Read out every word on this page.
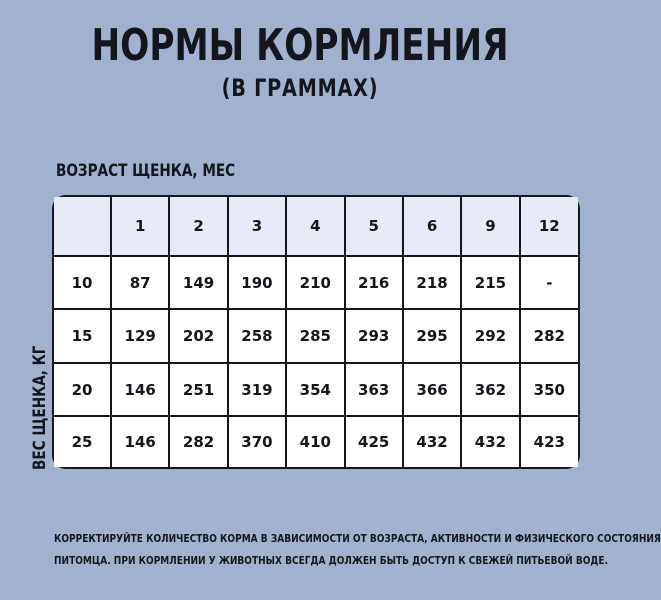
НОРМЫ КОРМЛЕНИЯ
(В ГРАММАХ)
ВОЗРАСТ ЩЕНКА, МЕС
ВЕС ЩЕНКА, КГ
	1	2	3	4	5	6	9	12
10	87	149	190	210	216	218	215	-
15	129	202	258	285	293	295	292	282
20	146	251	319	354	363	366	362	350
25	146	282	370	410	425	432	432	423
КОРРЕКТИРУЙТЕ КОЛИЧЕСТВО КОРМА В ЗАВИСИМОСТИ ОТ ВОЗРАСТА, АКТИВНОСТИ И ФИЗИЧЕСКОГО СОСТОЯНИЯ
ПИТОМЦА. ПРИ КОРМЛЕНИИ У ЖИВОТНЫХ ВСЕГДА ДОЛЖЕН БЫТЬ ДОСТУП К СВЕЖЕЙ ПИТЬЕВОЙ ВОДЕ.
